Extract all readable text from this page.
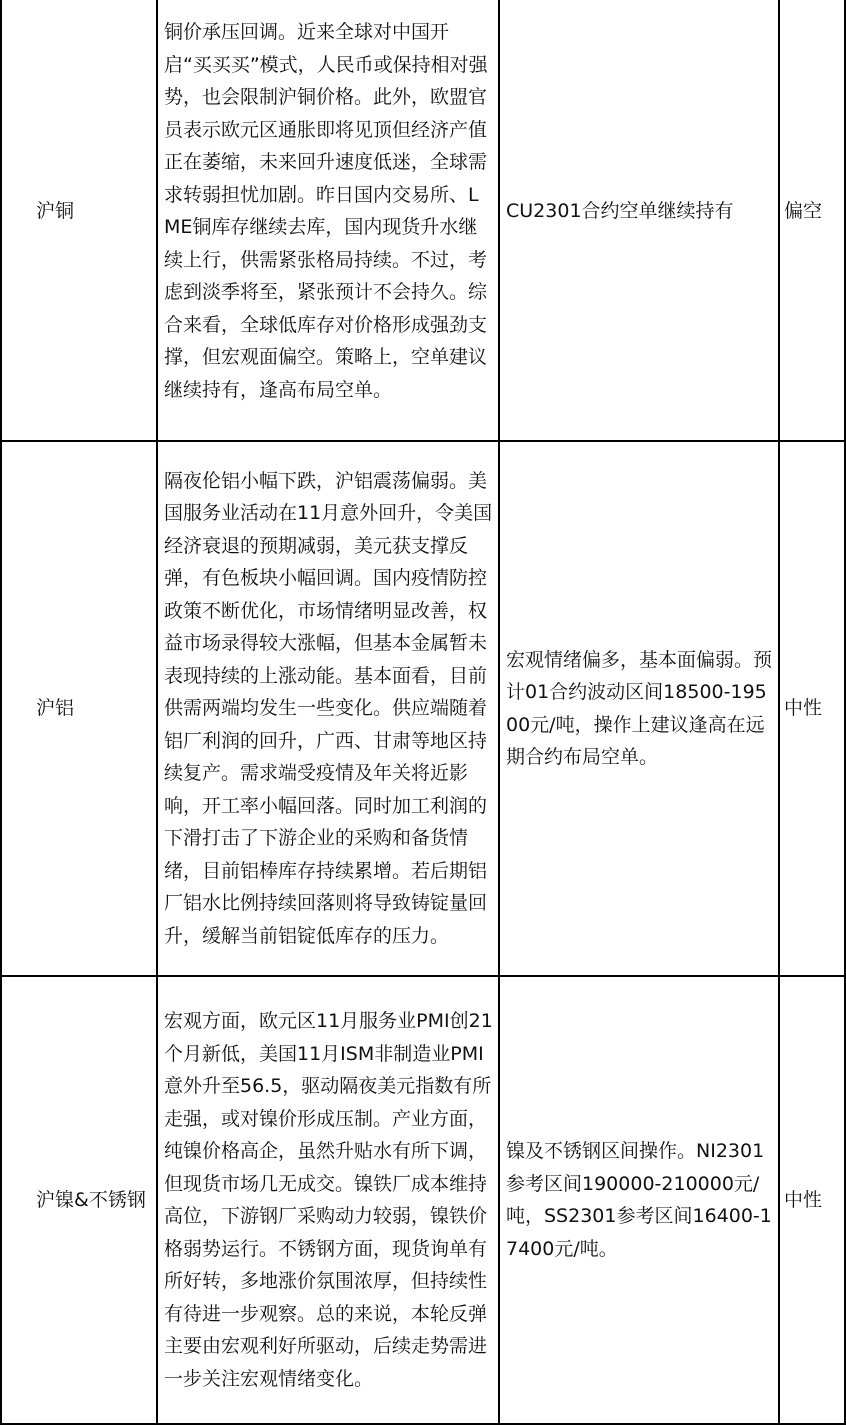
沪铜	铜价承压回调。近来全球对中国开启“买买买”模式，人民币或保持相对强势，也会限制沪铜价格。此外，欧盟官员表示欧元区通胀即将见顶但经济产值正在萎缩，未来回升速度低迷，全球需求转弱担忧加剧。昨日国内交易所、LME铜库存继续去库，国内现货升水继续上行，供需紧张格局持续。不过，考虑到淡季将至，紧张预计不会持久。综合来看，全球低库存对价格形成强劲支撑，但宏观面偏空。策略上，空单建议继续持有，逢高布局空单。	CU2301合约空单继续持有	偏空
沪铝	隔夜伦铝小幅下跌，沪铝震荡偏弱。美国服务业活动在11月意外回升，令美国经济衰退的预期减弱，美元获支撑反弹，有色板块小幅回调。国内疫情防控政策不断优化，市场情绪明显改善，权益市场录得较大涨幅，但基本金属暂未表现持续的上涨动能。基本面看，目前供需两端均发生一些变化。供应端随着铝厂利润的回升，广西、甘肃等地区持续复产。需求端受疫情及年关将近影响，开工率小幅回落。同时加工利润的下滑打击了下游企业的采购和备货情绪，目前铝棒库存持续累增。若后期铝厂铝水比例持续回落则将导致铸锭量回升，缓解当前铝锭低库存的压力。	宏观情绪偏多，基本面偏弱。预计01合约波动区间18500-19500元/吨，操作上建议逢高在远期合约布局空单。	中性
沪镍&不锈钢	宏观方面，欧元区11月服务业PMI创21个月新低，美国11月ISM非制造业PMI意外升至56.5，驱动隔夜美元指数有所走强，或对镍价形成压制。产业方面，纯镍价格高企，虽然升贴水有所下调，但现货市场几无成交。镍铁厂成本维持高位，下游钢厂采购动力较弱，镍铁价格弱势运行。不锈钢方面，现货询单有所好转，多地涨价氛围浓厚，但持续性有待进一步观察。总的来说，本轮反弹主要由宏观利好所驱动，后续走势需进一步关注宏观情绪变化。	镍及不锈钢区间操作。NI2301参考区间190000-210000元/吨，SS2301参考区间16400-17400元/吨。	中性
